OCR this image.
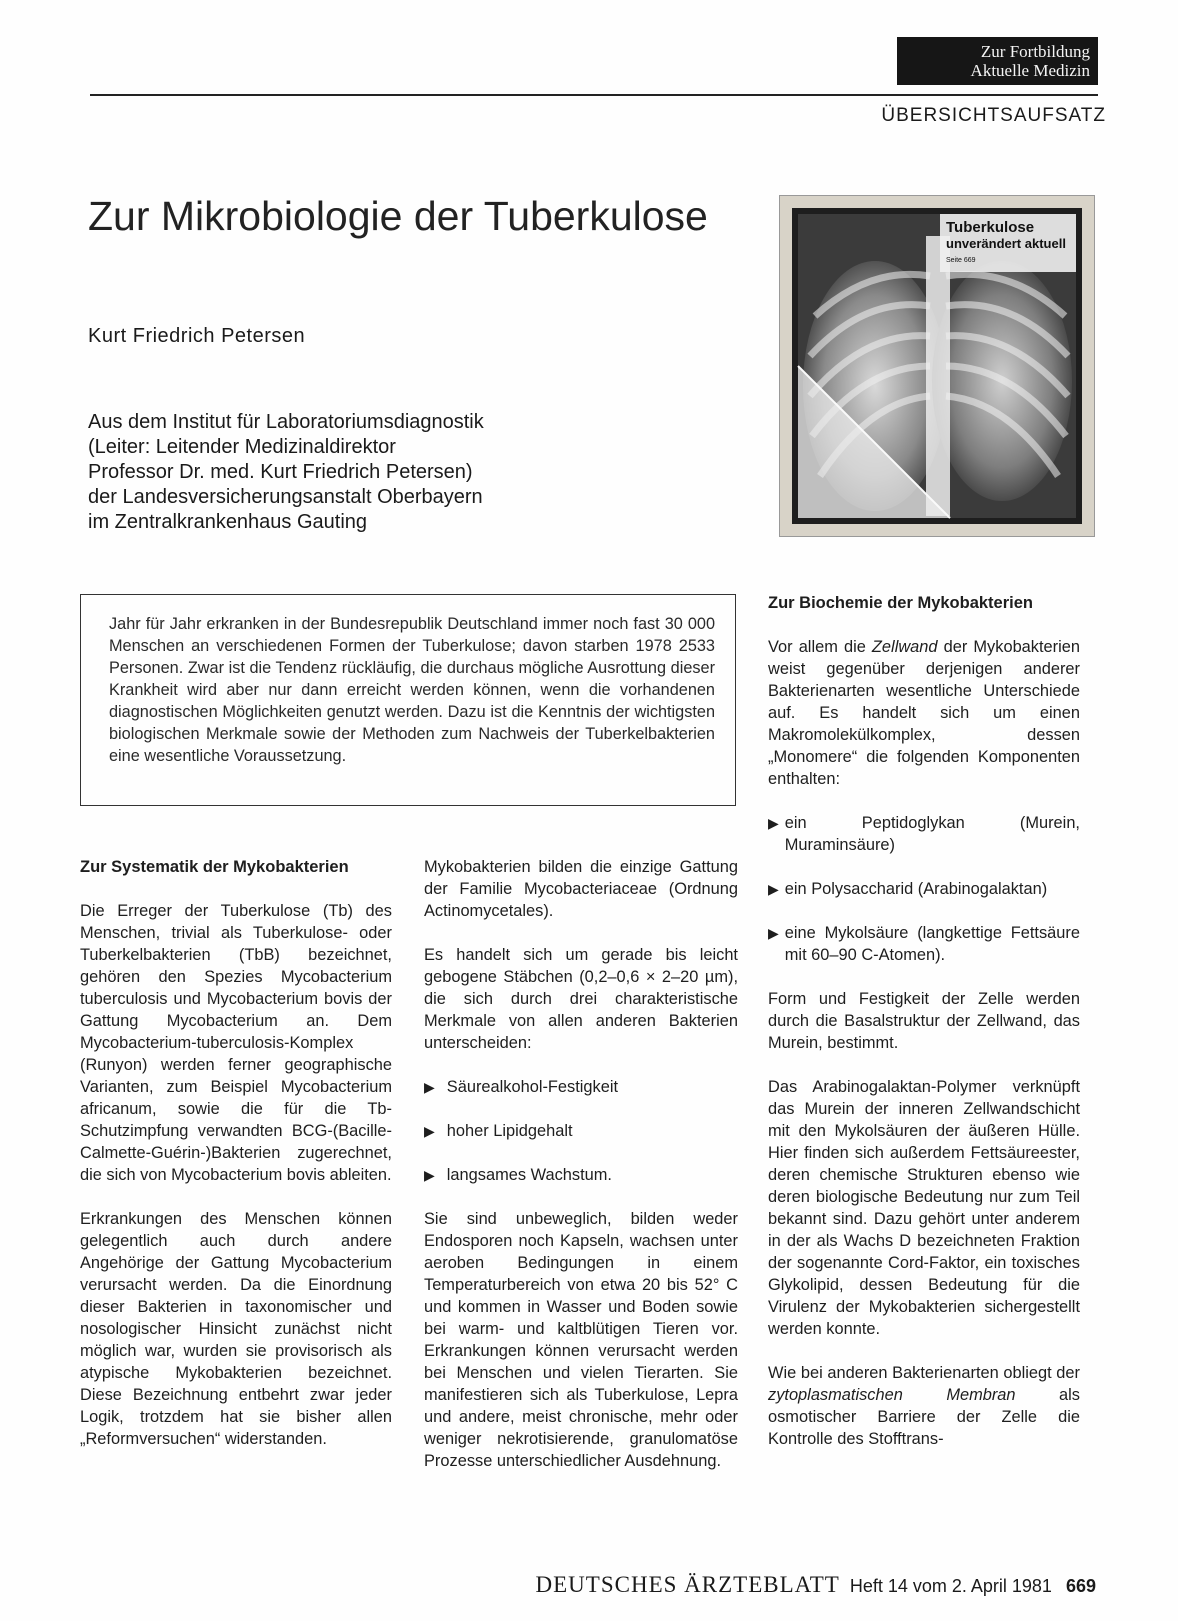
Zur Fortbildung
Aktuelle Medizin
ÜBERSICHTSAUFSATZ
Zur Mikrobiologie der Tuberkulose
Kurt Friedrich Petersen
Aus dem Institut für Laboratoriumsdiagnostik
(Leiter: Leitender Medizinaldirektor
Professor Dr. med. Kurt Friedrich Petersen)
der Landesversicherungsanstalt Oberbayern
im Zentralkrankenhaus Gauting
Tuberkulose
unverändert aktuell
Seite 669

Jahr für Jahr erkranken in der Bundesrepublik Deutschland immer noch fast 30 000 Menschen an verschiedenen Formen der Tuberkulose; davon starben 1978 2533 Personen. Zwar ist die Tendenz rückläufig, die durchaus mögliche Ausrottung dieser Krankheit wird aber nur dann erreicht werden können, wenn die vorhandenen diagnostischen Möglichkeiten genutzt werden. Dazu ist die Kenntnis der wichtigsten biologischen Merkmale sowie der Methoden zum Nachweis der Tuberkelbakterien eine wesentliche Voraussetzung.

Zur Systematik der Mykobakterien

Die Erreger der Tuberkulose (Tb) des Menschen, trivial als Tuberkulose- oder Tuberkelbakterien (TbB) bezeichnet, gehören den Spezies Mycobacterium tuberculosis und Mycobacterium bovis der Gattung Mycobacterium an. Dem Mycobacterium-tuberculosis-Komplex (Runyon) werden ferner geographische Varianten, zum Beispiel Mycobacterium africanum, sowie die für die Tb-Schutzimpfung verwandten BCG-(Bacille-Calmette-Guérin-)Bakterien zugerechnet, die sich von Mycobacterium bovis ableiten.

Erkrankungen des Menschen können gelegentlich auch durch andere Angehörige der Gattung Mycobacterium verursacht werden. Da die Einordnung dieser Bakterien in taxonomischer und nosologischer Hinsicht zunächst nicht möglich war, wurden sie provisorisch als atypische Mykobakterien bezeichnet. Diese Bezeichnung entbehrt zwar jeder Logik, trotzdem hat sie bisher allen „Reformversuchen“ widerstanden.

Mykobakterien bilden die einzige Gattung der Familie Mycobacteriaceae (Ordnung Actinomycetales).

Es handelt sich um gerade bis leicht gebogene Stäbchen (0,2–0,6 × 2–20 µm), die sich durch drei charakteristische Merkmale von allen anderen Bakterien unterscheiden:

▶ Säurealkohol-Festigkeit
▶ hoher Lipidgehalt
▶ langsames Wachstum.

Sie sind unbeweglich, bilden weder Endosporen noch Kapseln, wachsen unter aeroben Bedingungen in einem Temperaturbereich von etwa 20 bis 52° C und kommen in Wasser und Boden sowie bei warm- und kaltblütigen Tieren vor. Erkrankungen können verursacht werden bei Menschen und vielen Tierarten. Sie manifestieren sich als Tuberkulose, Lepra und andere, meist chronische, mehr oder weniger nekrotisierende, granulomatöse Prozesse unterschiedlicher Ausdehnung.

Zur Biochemie der Mykobakterien

Vor allem die Zellwand der Mykobakterien weist gegenüber derjenigen anderer Bakterienarten wesentliche Unterschiede auf. Es handelt sich um einen Makromolekülkomplex, dessen „Monomere“ die folgenden Komponenten enthalten:

▶ ein Peptidoglykan (Murein, Muraminsäure)
▶ ein Polysaccharid (Arabinogalaktan)
▶ eine Mykolsäure (langkettige Fettsäure mit 60–90 C-Atomen).

Form und Festigkeit der Zelle werden durch die Basalstruktur der Zellwand, das Murein, bestimmt.

Das Arabinogalaktan-Polymer verknüpft das Murein der inneren Zellwandschicht mit den Mykolsäuren der äußeren Hülle. Hier finden sich außerdem Fettsäureester, deren chemische Strukturen ebenso wie deren biologische Bedeutung nur zum Teil bekannt sind. Dazu gehört unter anderem in der als Wachs D bezeichneten Fraktion der sogenannte Cord-Faktor, ein toxisches Glykolipid, dessen Bedeutung für die Virulenz der Mykobakterien sichergestellt werden konnte.

Wie bei anderen Bakterienarten obliegt der zytoplasmatischen Membran als osmotischer Barriere der Zelle die Kontrolle des Stofftrans-

DEUTSCHES ÄRZTEBLATT Heft 14 vom 2. April 1981 669
